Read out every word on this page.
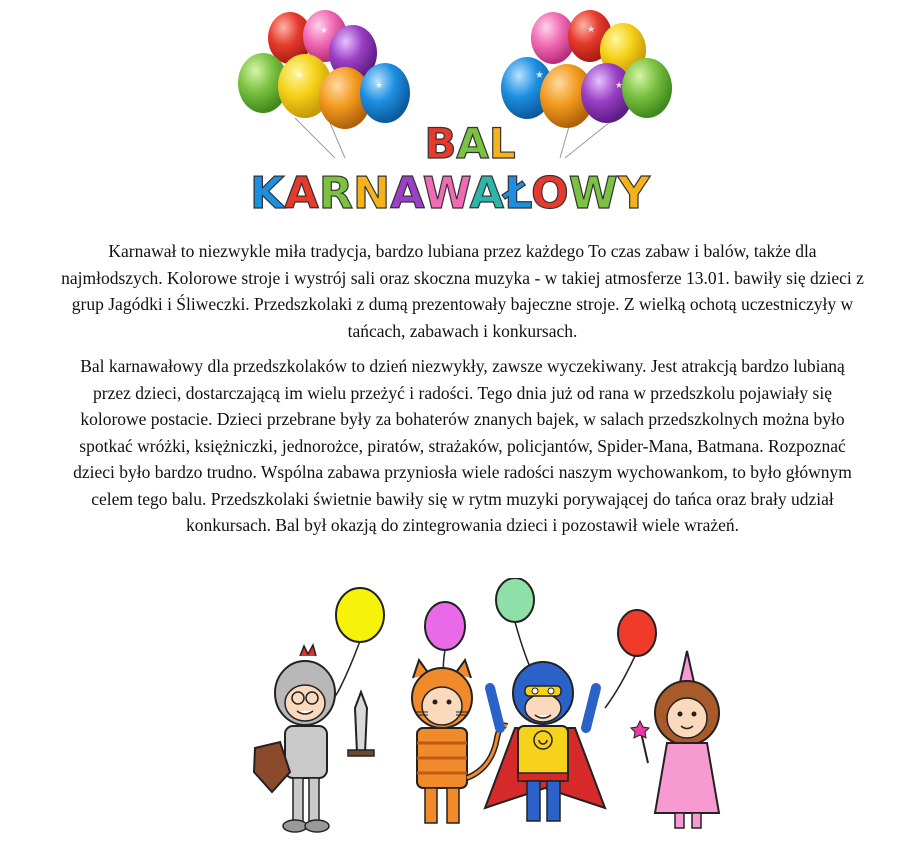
★
★
★
★
★
★
BAL
KARNAWAŁOWY

Karnawał to niezwykle miła tradycja, bardzo lubiana przez każdego To czas zabaw i balów, także dla najmłodszych. Kolorowe stroje i wystrój sali oraz skoczna muzyka - w takiej atmosferze 13.01. bawiły się dzieci z grup Jagódki i Śliweczki. Przedszkolaki z dumą prezentowały bajeczne stroje. Z wielką ochotą uczestniczyły w tańcach, zabawach i konkursach.

Bal karnawałowy dla przedszkolaków to dzień niezwykły, zawsze wyczekiwany. Jest atrakcją bardzo lubianą przez dzieci, dostarczającą im wielu przeżyć i radości. Tego dnia już od rana w przedszkolu pojawiały się kolorowe postacie. Dzieci przebrane były za bohaterów znanych bajek, w salach przedszkolnych można było spotkać wróżki, księżniczki, jednorożce, piratów, strażaków, policjantów, Spider-Mana, Batmana. Rozpoznać dzieci było bardzo trudno. Wspólna zabawa przyniosła wiele radości naszym wychowankom, to było głównym celem tego balu. Przedszkolaki świetnie bawiły się w rytm muzyki porywającej do tańca oraz brały udział konkursach. Bal był okazją do zintegrowania dzieci i pozostawił wiele wrażeń.
